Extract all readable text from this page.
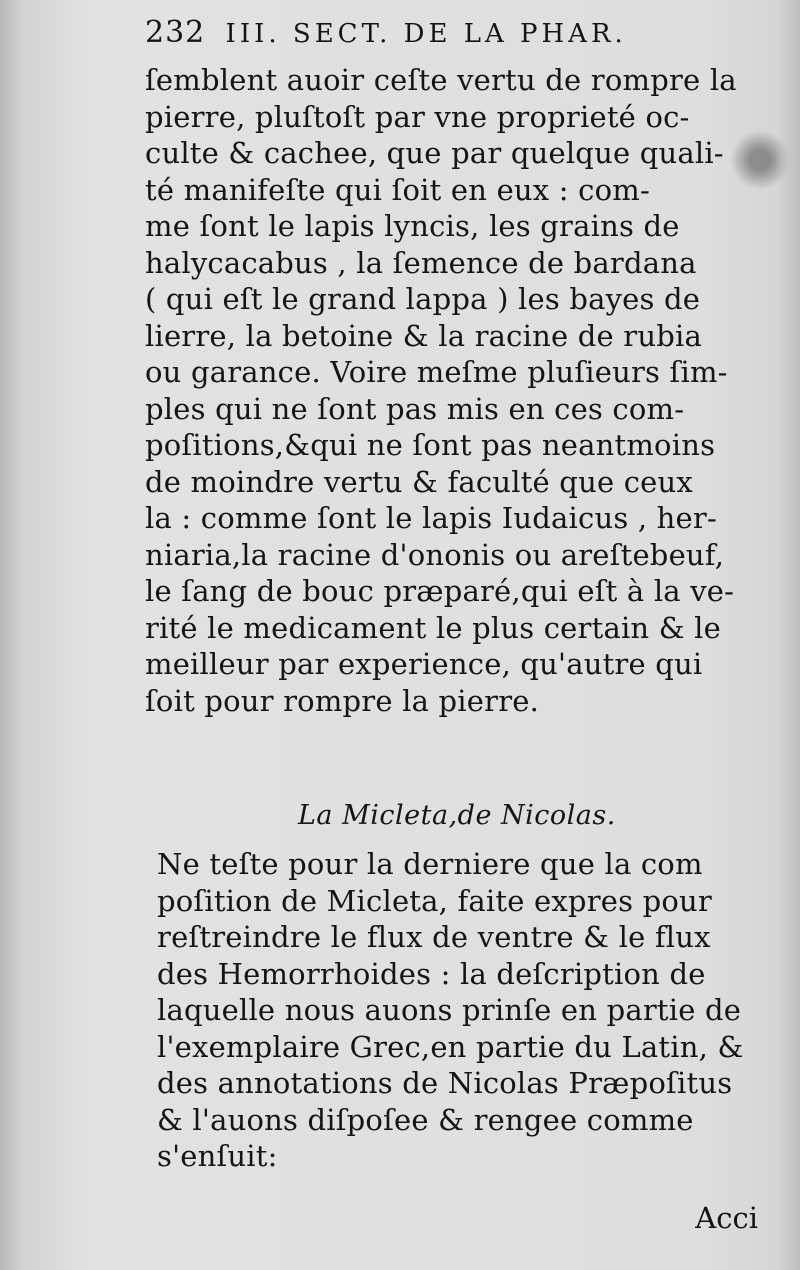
232 III. SECT. DE LA PHAR.
ſemblent auoir ceſte vertu de rompre la
pierre, pluſtoſt par vne proprieté oc-
culte & cachee, que par quelque quali-
té manifeſte qui ſoit en eux : com-
me ſont le lapis lyncis, les grains de
halycacabus , la ſemence de bardana
( qui eſt le grand lappa ) les bayes de
lierre, la betoine & la racine de rubia
ou garance. Voire meſme pluſieurs ſim-
ples qui ne ſont pas mis en ces com-
poſitions,&qui ne ſont pas neantmoins
de moindre vertu & faculté que ceux
la : comme ſont le lapis Iudaicus , her-
niaria,la racine d'ononis ou areſtebeuf,
le ſang de bouc præparé,qui eſt à la ve-
rité le medicament le plus certain & le
meilleur par experience, qu'autre qui
ſoit pour rompre la pierre.
La Micleta,de Nicolas.
Ne teſte pour la derniere que la com
poſition de Micleta, faite expres pour
reſtreindre le flux de ventre & le flux
des Hemorrhoides : la deſcription de
laquelle nous auons prinſe en partie de
l'exemplaire Grec,en partie du Latin, &
des annotations de Nicolas Præpoſitus
& l'auons diſpoſee & rengee comme
s'enſuit:
Acci
